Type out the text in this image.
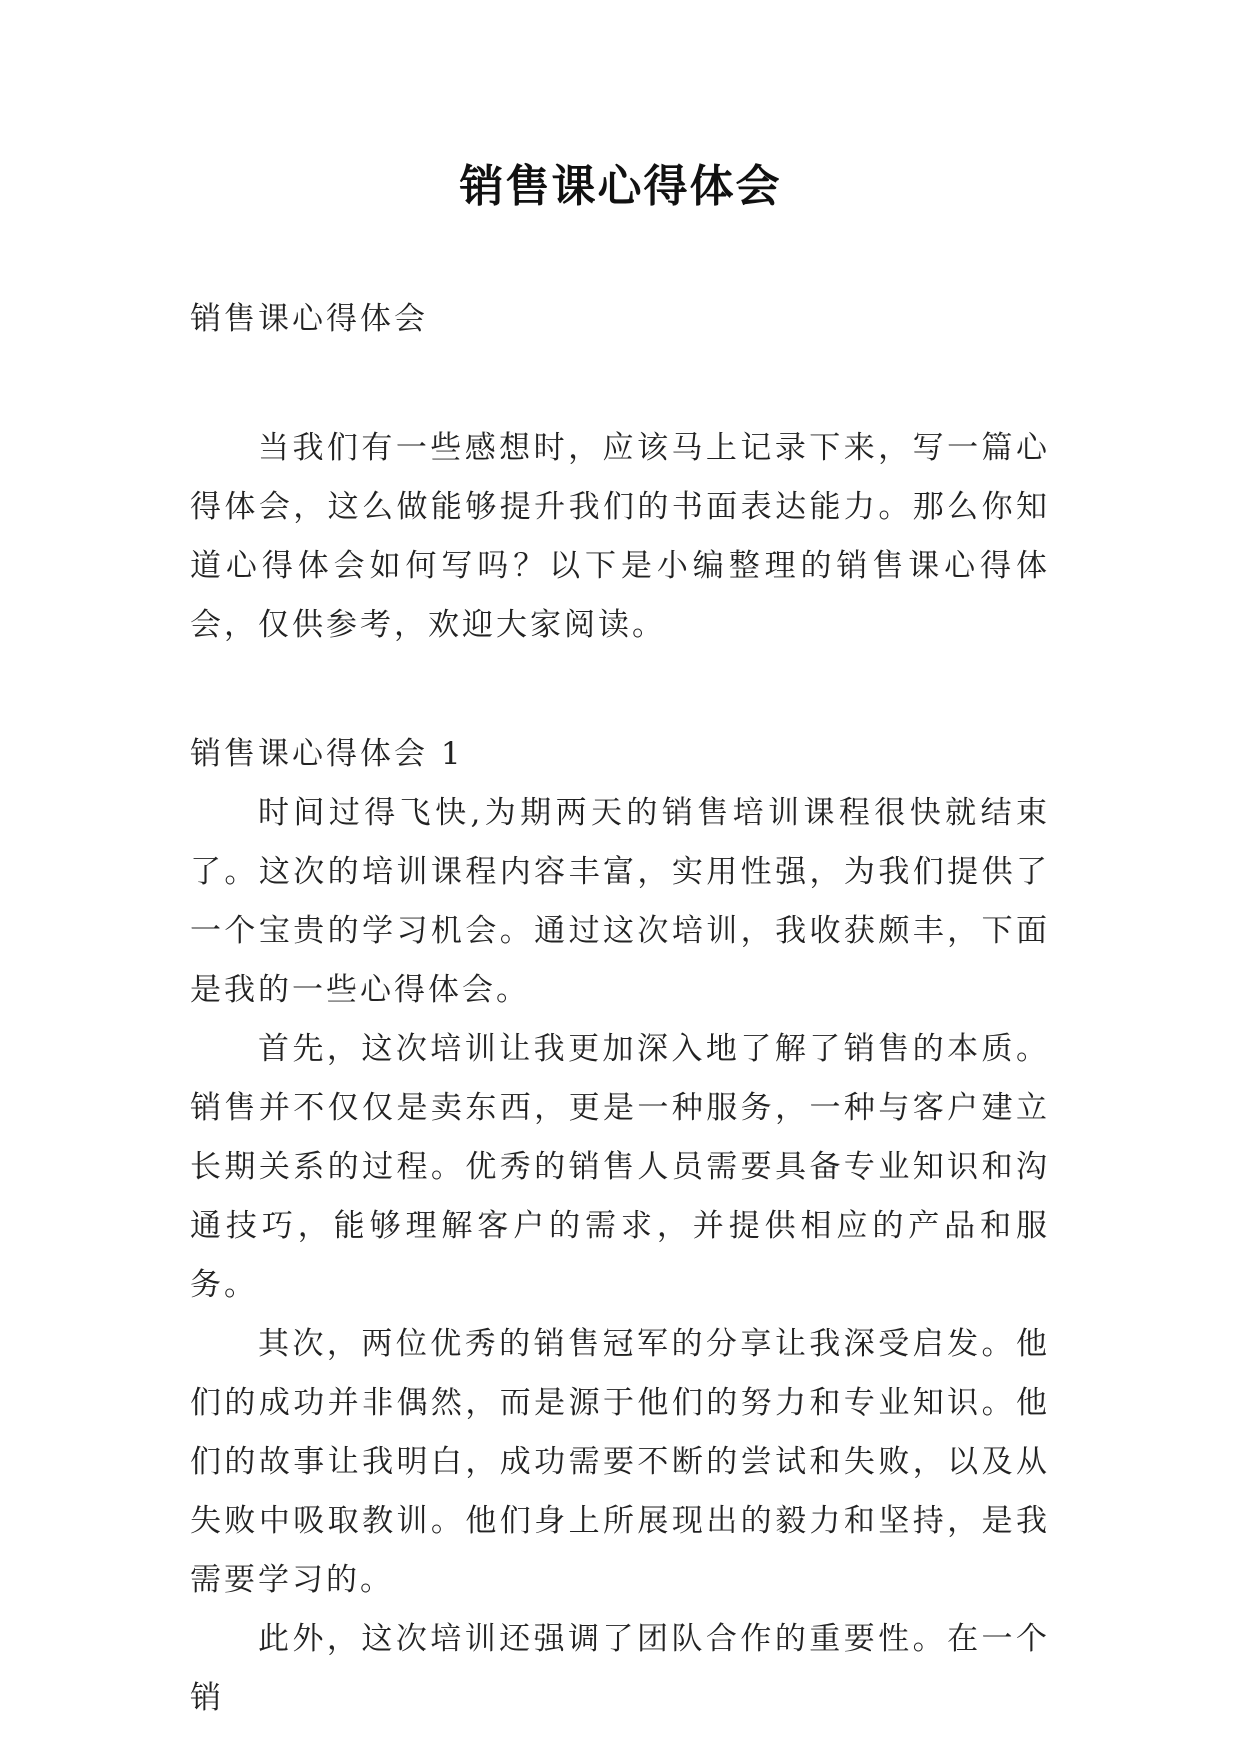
销售课心得体会

销售课心得体会

当我们有一些感想时，应该马上记录下来，写一篇心得体会，这么做能够提升我们的书面表达能力。那么你知道心得体会如何写吗？以下是小编整理的销售课心得体会，仅供参考，欢迎大家阅读。

销售课心得体会 1

时间过得飞快,为期两天的销售培训课程很快就结束了。这次的培训课程内容丰富，实用性强，为我们提供了一个宝贵的学习机会。通过这次培训，我收获颇丰，下面是我的一些心得体会。

首先，这次培训让我更加深入地了解了销售的本质。销售并不仅仅是卖东西，更是一种服务，一种与客户建立长期关系的过程。优秀的销售人员需要具备专业知识和沟通技巧，能够理解客户的需求，并提供相应的产品和服务。

其次，两位优秀的销售冠军的分享让我深受启发。他们的成功并非偶然，而是源于他们的努力和专业知识。他们的故事让我明白，成功需要不断的尝试和失败，以及从失败中吸取教训。他们身上所展现出的毅力和坚持，是我需要学习的。

此外，这次培训还强调了团队合作的重要性。在一个销
